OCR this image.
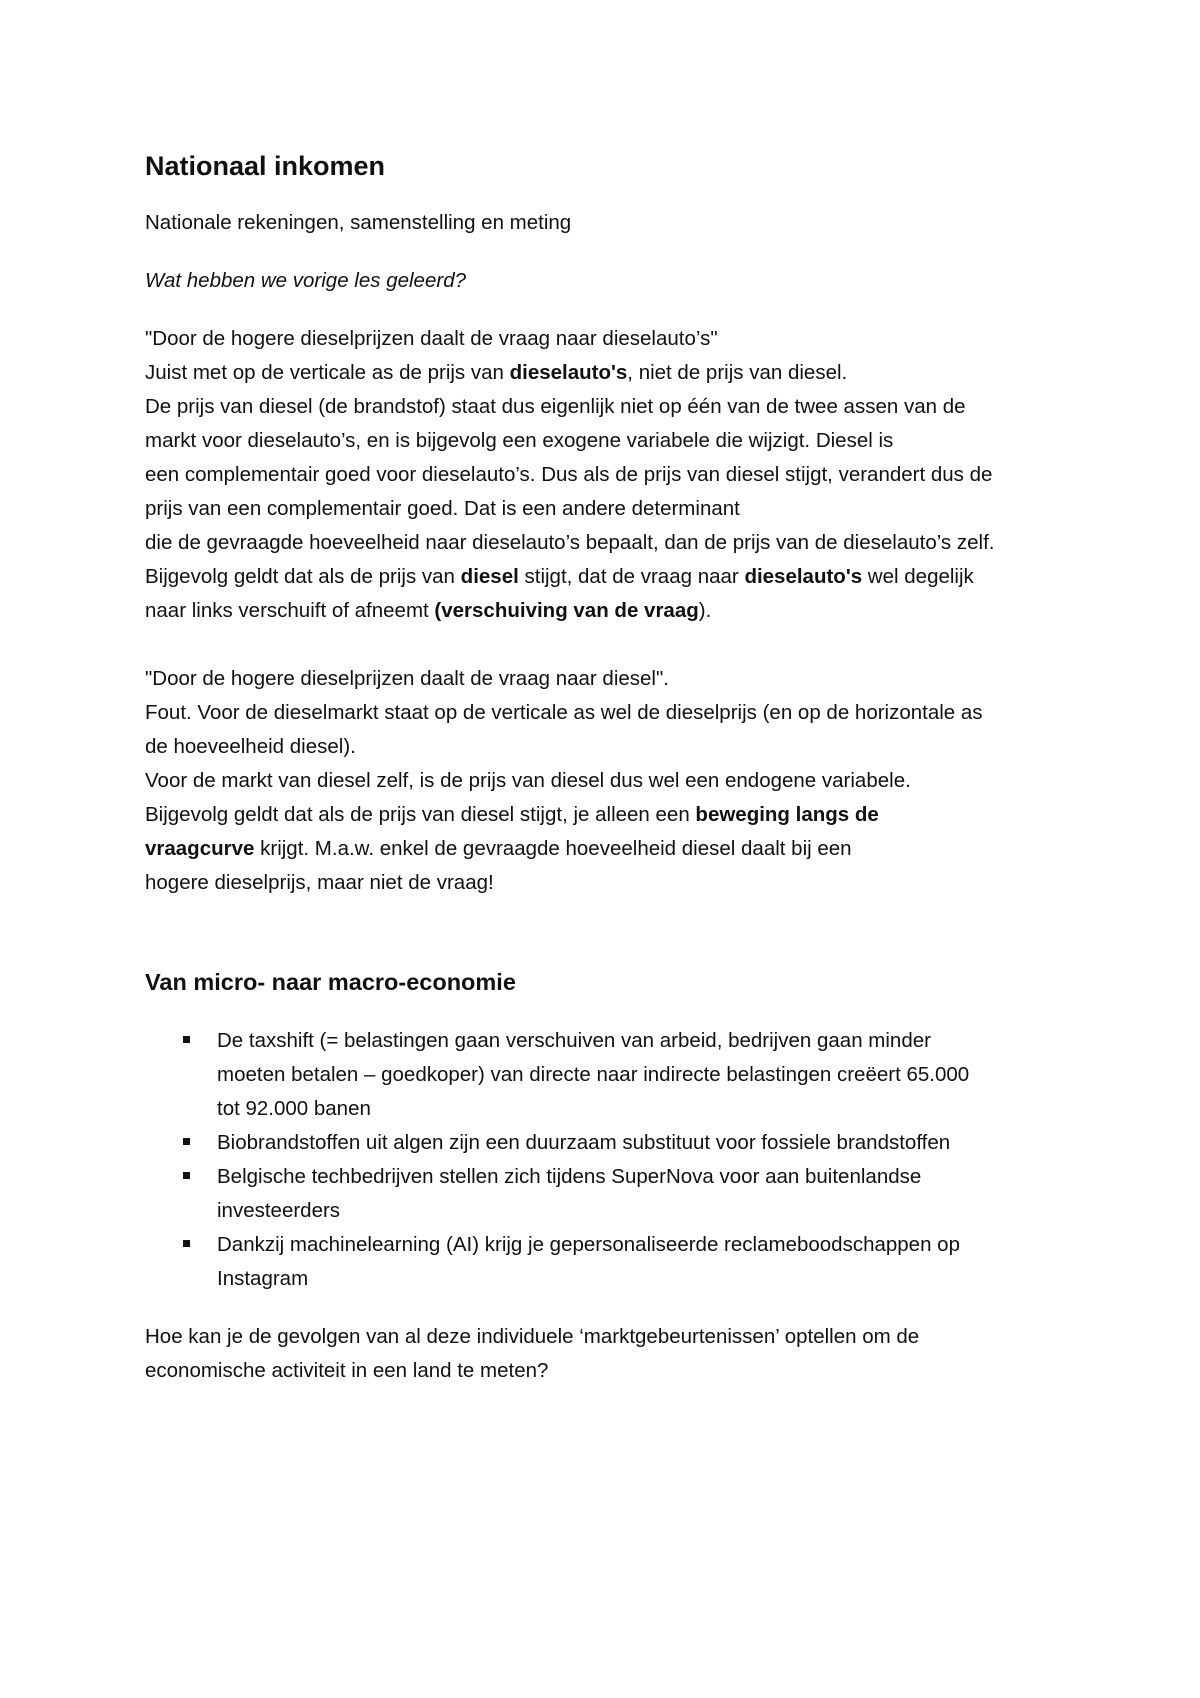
Nationaal inkomen

Nationale rekeningen, samenstelling en meting

Wat hebben we vorige les geleerd?

"Door de hogere dieselprijzen daalt de vraag naar dieselauto’s"
Juist met op de verticale as de prijs van dieselauto's, niet de prijs van diesel.
De prijs van diesel (de brandstof) staat dus eigenlijk niet op één van de twee assen van de
markt voor dieselauto’s, en is bijgevolg een exogene variabele die wijzigt. Diesel is
een complementair goed voor dieselauto’s. Dus als de prijs van diesel stijgt, verandert dus de
prijs van een complementair goed. Dat is een andere determinant
die de gevraagde hoeveelheid naar dieselauto’s bepaalt, dan de prijs van de dieselauto’s zelf.
Bijgevolg geldt dat als de prijs van diesel stijgt, dat de vraag naar dieselauto's wel degelijk
naar links verschuift of afneemt (verschuiving van de vraag).
"Door de hogere dieselprijzen daalt de vraag naar diesel".
Fout. Voor de dieselmarkt staat op de verticale as wel de dieselprijs (en op de horizontale as
de hoeveelheid diesel).
Voor de markt van diesel zelf, is de prijs van diesel dus wel een endogene variabele.
Bijgevolg geldt dat als de prijs van diesel stijgt, je alleen een beweging langs de
vraagcurve krijgt. M.a.w. enkel de gevraagde hoeveelheid diesel daalt bij een
hogere dieselprijs, maar niet de vraag!
Van micro- naar macro-economie
De taxshift (= belastingen gaan verschuiven van arbeid, bedrijven gaan minder
moeten betalen – goedkoper) van directe naar indirecte belastingen creëert 65.000
tot 92.000 banen
Biobrandstoffen uit algen zijn een duurzaam substituut voor fossiele brandstoffen
Belgische techbedrijven stellen zich tijdens SuperNova voor aan buitenlandse
investeerders
Dankzij machinelearning (AI) krijg je gepersonaliseerde reclameboodschappen op
Instagram

Hoe kan je de gevolgen van al deze individuele ‘marktgebeurtenissen’ optellen om de
economische activiteit in een land te meten?
